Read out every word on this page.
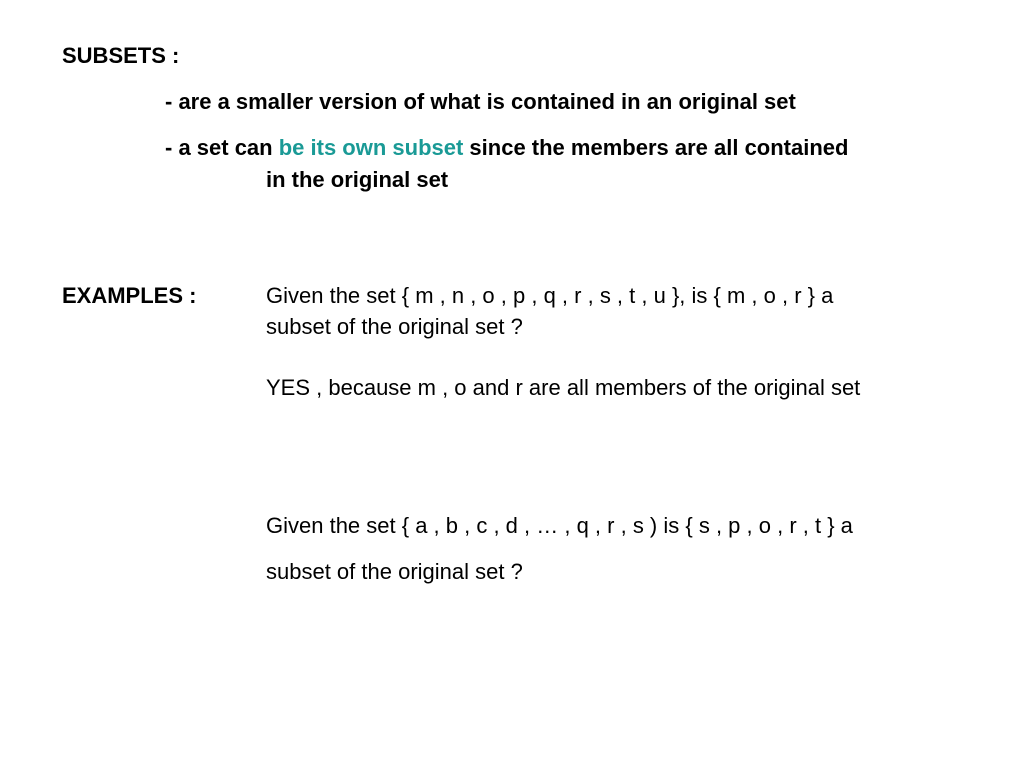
SUBSETS :
- are a smaller version of what is contained in an original set
- a set can be its own subset since the members are all contained
in the original set
EXAMPLES :	Given the set { m , n , o , p , q , r , s , t , u }, is { m , o , r } a
subset of the original set ?
YES , because m , o and r are all members of the original set
Given the set { a , b , c , d , … , q , r , s ) is { s , p , o , r , t } a
subset of the original set ?
